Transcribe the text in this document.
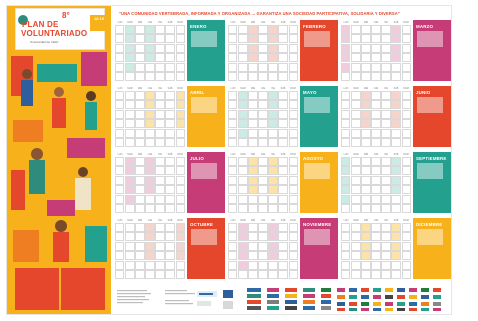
8°
PLAN DE
VOLUNTARIADO
Universidad de Cádiz
18 19
"UNA COMUNIDAD VERTEBRADA, INFORMADA Y ORGANIZADA ... GARANTIZA UNA SOCIEDAD PARTICIPATIVA, SOLIDARIA Y DIVERSA"
LUN	MAR	MIÉ	JUE	VIE	SÁB	DOM
ENERO
LUN	MAR	MIÉ	JUE	VIE	SÁB	DOM
FEBRERO
LUN	MAR	MIÉ	JUE	VIE	SÁB	DOM
MARZO
LUN	MAR	MIÉ	JUE	VIE	SÁB	DOM
ABRIL
LUN	MAR	MIÉ	JUE	VIE	SÁB	DOM
MAYO
LUN	MAR	MIÉ	JUE	VIE	SÁB	DOM
JUNIO
LUN	MAR	MIÉ	JUE	VIE	SÁB	DOM
JULIO
LUN	MAR	MIÉ	JUE	VIE	SÁB	DOM
AGOSTO
LUN	MAR	MIÉ	JUE	VIE	SÁB	DOM
SEPTIEMBRE
LUN	MAR	MIÉ	JUE	VIE	SÁB	DOM
OCTUBRE
LUN	MAR	MIÉ	JUE	VIE	SÁB	DOM
NOVIEMBRE
LUN	MAR	MIÉ	JUE	VIE	SÁB	DOM
DICIEMBRE
